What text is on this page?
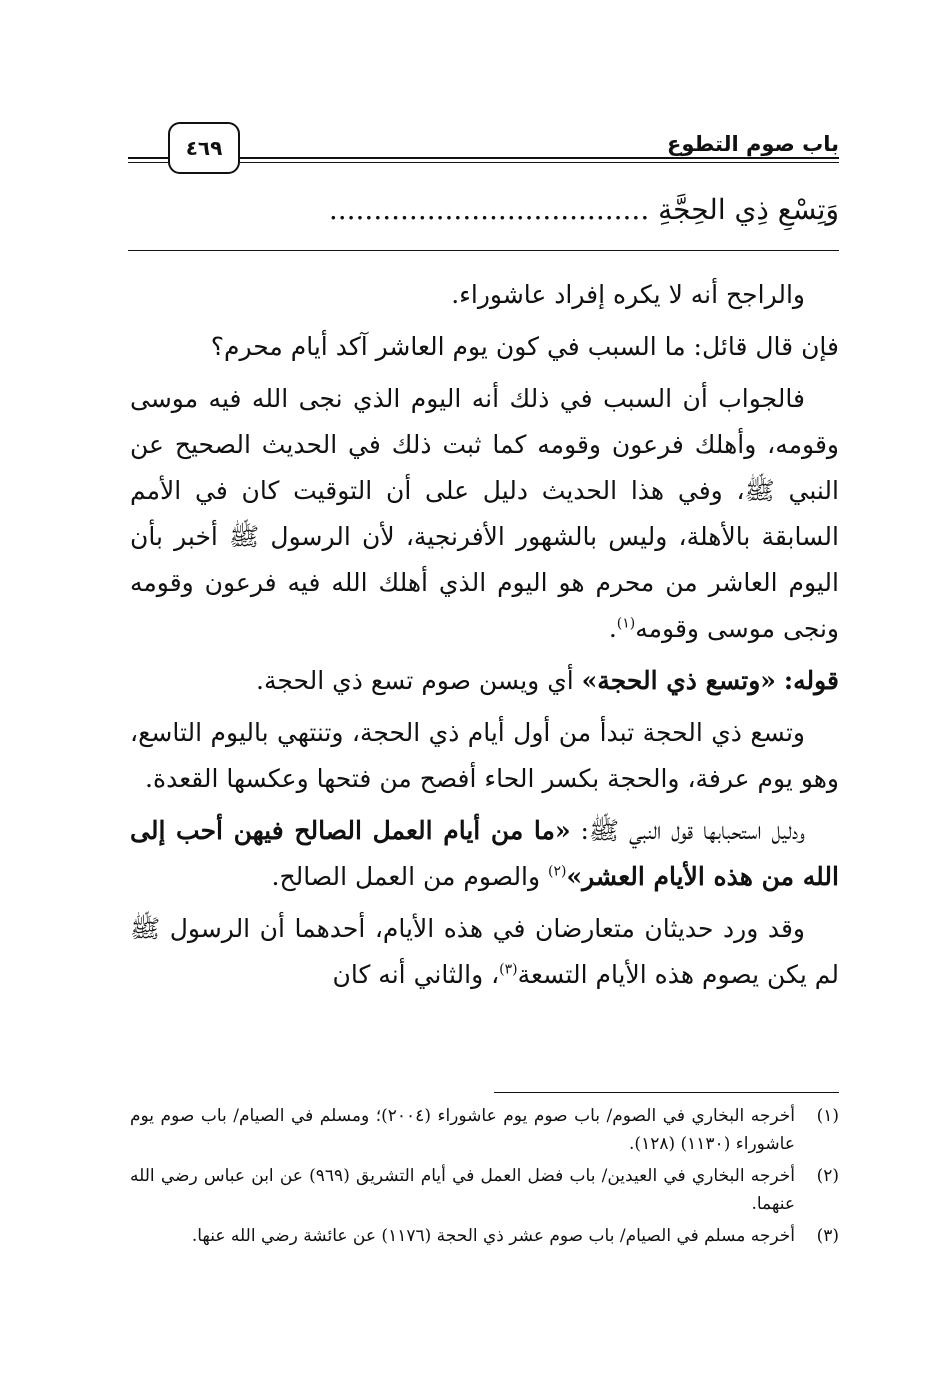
باب صوم التطوع
٤٦٩
وَتِسْعِ ذِي الحِجَّةِ ....................................

والراجح أنه لا يكره إفراد عاشوراء.

فإن قال قائل: ما السبب في كون يوم العاشر آكد أيام محرم؟

فالجواب أن السبب في ذلك أنه اليوم الذي نجى الله فيه موسى وقومه، وأهلك فرعون وقومه كما ثبت ذلك في الحديث الصحيح عن النبي ﷺ، وفي هذا الحديث دليل على أن التوقيت كان في الأمم السابقة بالأهلة، وليس بالشهور الأفرنجية، لأن الرسول ﷺ أخبر بأن اليوم العاشر من محرم هو اليوم الذي أهلك الله فيه فرعون وقومه ونجى موسى وقومه$^{(١)}$.

قوله: «وتسع ذي الحجة» أي ويسن صوم تسع ذي الحجة.

وتسع ذي الحجة تبدأ من أول أيام ذي الحجة، وتنتهي باليوم التاسع، وهو يوم عرفة، والحجة بكسر الحاء أفصح من فتحها وعكسها القعدة.

ودليل استحبابها قول النبي ﷺ: «ما من أيام العمل الصالح فيهن أحب إلى الله من هذه الأيام العشر»$^{(٢)}$ والصوم من العمل الصالح.

وقد ورد حديثان متعارضان في هذه الأيام، أحدهما أن الرسول ﷺ لم يكن يصوم هذه الأيام التسعة$^{(٣)}$، والثاني أنه كان

(١)
أخرجه البخاري في الصوم/ باب صوم يوم عاشوراء (٢٠٠٤)؛ ومسلم في الصيام/ باب صوم يوم عاشوراء (١١٣٠) (١٢٨).
(٢)
أخرجه البخاري في العيدين/ باب فضل العمل في أيام التشريق (٩٦٩) عن ابن عباس رضي الله عنهما.
(٣)
أخرجه مسلم في الصيام/ باب صوم عشر ذي الحجة (١١٧٦) عن عائشة رضي الله عنها.
